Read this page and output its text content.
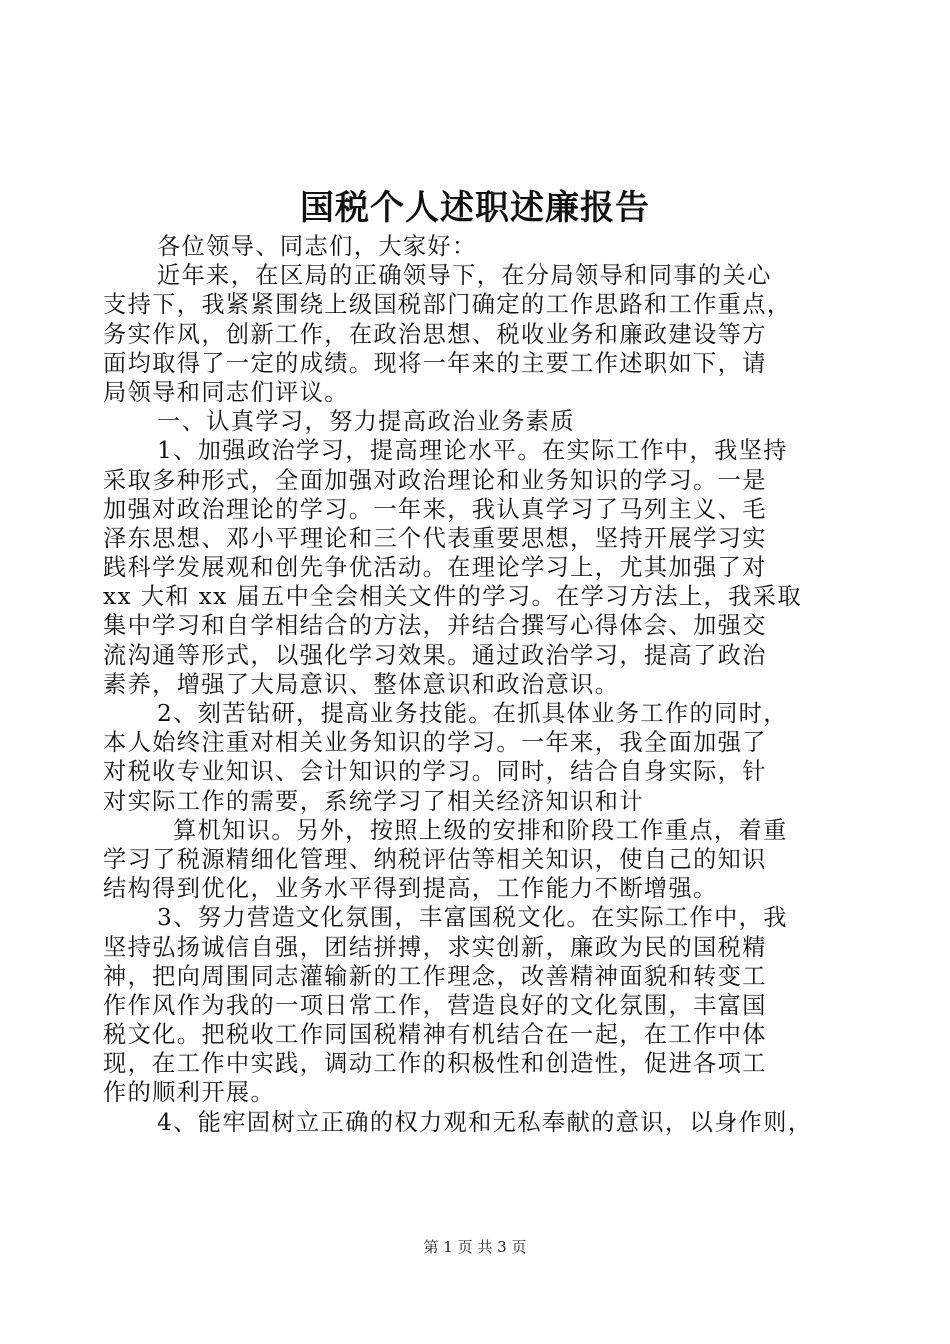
国税个人述职述廉报告
各位领导、同志们，大家好：
近年来，在区局的正确领导下，在分局领导和同事的关心
支持下，我紧紧围绕上级国税部门确定的工作思路和工作重点，
务实作风，创新工作，在政治思想、税收业务和廉政建设等方
面均取得了一定的成绩。现将一年来的主要工作述职如下，请
局领导和同志们评议。
一、认真学习，努力提高政治业务素质
1、加强政治学习，提高理论水平。在实际工作中，我坚持
采取多种形式，全面加强对政治理论和业务知识的学习。一是
加强对政治理论的学习。一年来，我认真学习了马列主义、毛
泽东思想、邓小平理论和三个代表重要思想，坚持开展学习实
践科学发展观和创先争优活动。在理论学习上，尤其加强了对
xx 大和 xx 届五中全会相关文件的学习。在学习方法上，我采取
集中学习和自学相结合的方法，并结合撰写心得体会、加强交
流沟通等形式，以强化学习效果。通过政治学习，提高了政治
素养，增强了大局意识、整体意识和政治意识。
2、刻苦钻研，提高业务技能。在抓具体业务工作的同时，
本人始终注重对相关业务知识的学习。一年来，我全面加强了
对税收专业知识、会计知识的学习。同时，结合自身实际，针
对实际工作的需要，系统学习了相关经济知识和计
算机知识。另外，按照上级的安排和阶段工作重点，着重
学习了税源精细化管理、纳税评估等相关知识，使自己的知识
结构得到优化，业务水平得到提高，工作能力不断增强。
3、努力营造文化氛围，丰富国税文化。在实际工作中，我
坚持弘扬诚信自强，团结拼搏，求实创新，廉政为民的国税精
神，把向周围同志灌输新的工作理念，改善精神面貌和转变工
作作风作为我的一项日常工作，营造良好的文化氛围，丰富国
税文化。把税收工作同国税精神有机结合在一起，在工作中体
现，在工作中实践，调动工作的积极性和创造性，促进各项工
作的顺利开展。
4、能牢固树立正确的权力观和无私奉献的意识，以身作则，
第 1 页 共 3 页
